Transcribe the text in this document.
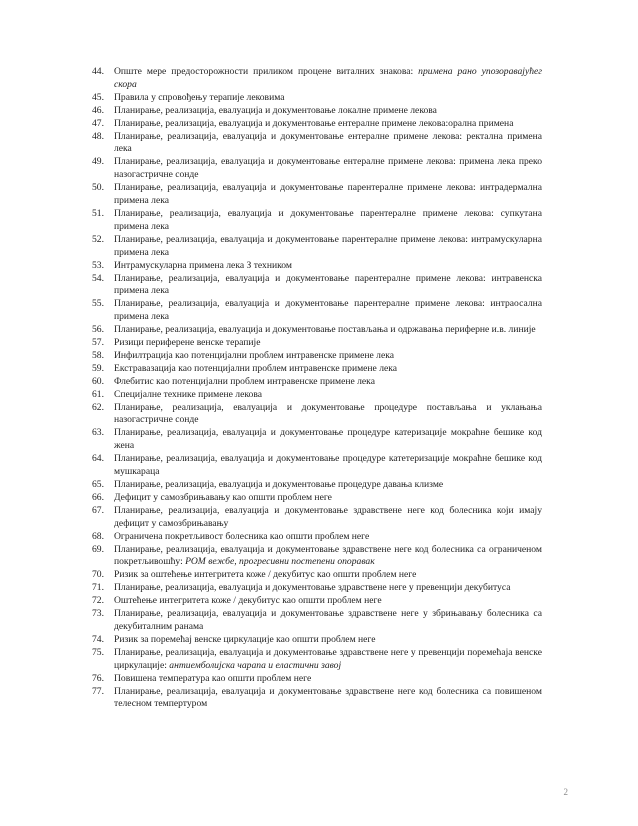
44.	Опште мере предосторожности приликом процене виталних знакова: примена рано упозоравајућег скора
45.	Правила у спровођењу терапије лековима
46.	Планирање, реализација, евалуација и документовање локалне примене лекова
47.	Планирање, реализација, евалуација и документовање ентералне примене лекова:орална примена
48.	Планирање, реализација, евалуација и документовање ентералне примене лекова: ректална примена лека
49.	Планирање, реализација, евалуација и документовање ентералне примене лекова: примена лека преко назогастричне сонде
50.	Планирање, реализација, евалуација и документовање парентералне примене лекова: интрадермална примена лека
51.	Планирање, реализација, евалуација и документовање парентералне примене лекова: супкутана примена лека
52.	Планирање, реализација, евалуација и документовање парентералне примене лекова: интрамускуларна примена лека
53.	Интрамускуларна примена лека З техником
54.	Планирање, реализација, евалуација и документовање парентералне примене лекова: интравенска примена лека
55.	Планирање, реализација, евалуација и документовање парентералне примене лекова: интраосална примена лека
56.	Планирање, реализација, евалуација и документовање постављања и одржавања периферне и.в. линије
57.	Ризици периферене венске терапије
58.	Инфилтрација као потенцијални проблем интравенске примене лека
59.	Екстравазација као потенцијални проблем интравенске примене лека
60.	Флебитис као потенцијални проблем интравенске примене лека
61.	Специјалне технике примене лекова
62.	Планирање, реализација, евалуација и документовање процедуре постављања и уклањања назогастричне сонде
63.	Планирање, реализација, евалуација и документовање процедуре катеризације мокраћне бешике код жена
64.	Планирање, реализација, евалуација и документовање процедуре катетеризације мокраћне бешике код мушкараца
65.	Планирање, реализација, евалуација и документовање процедуре давања клизме
66.	Дефицит у самозбрињавању као општи проблем неге
67.	Планирање, реализација, евалуација и документовање здравствене неге код болесника који имају дефицит у самозбрињавању
68.	Ограничена покретљивост болесника као општи проблем неге
69.	Планирање, реализација, евалуација и документовање здравствене неге код болесника са ограниченом покретљивошћу: РОМ вежбе, прогресивни постепени опоравак
70.	Ризик за оштећење интегритета коже / декубитус као општи проблем неге
71.	Планирање, реализација, евалуација и документовање здравствене неге у превенцији декубитуса
72.	Оштећење интегритета коже / декубитус као општи проблем неге
73.	Планирање, реализација, евалуација и документовање здравствене неге у збрињавању болесника са декубиталним ранама
74.	Ризик за поремећај венске циркулације као општи проблем неге
75.	Планирање, реализација, евалуација и документовање здравствене неге у превенцији поремећаја венске циркулације: антиемболијска чарапа и еластични завој
76.	Повишена температура као општи проблем неге
77.	Планирање, реализација, евалуација и документовање здравствене неге код болесника са повишеном телесном темпертуром
2
